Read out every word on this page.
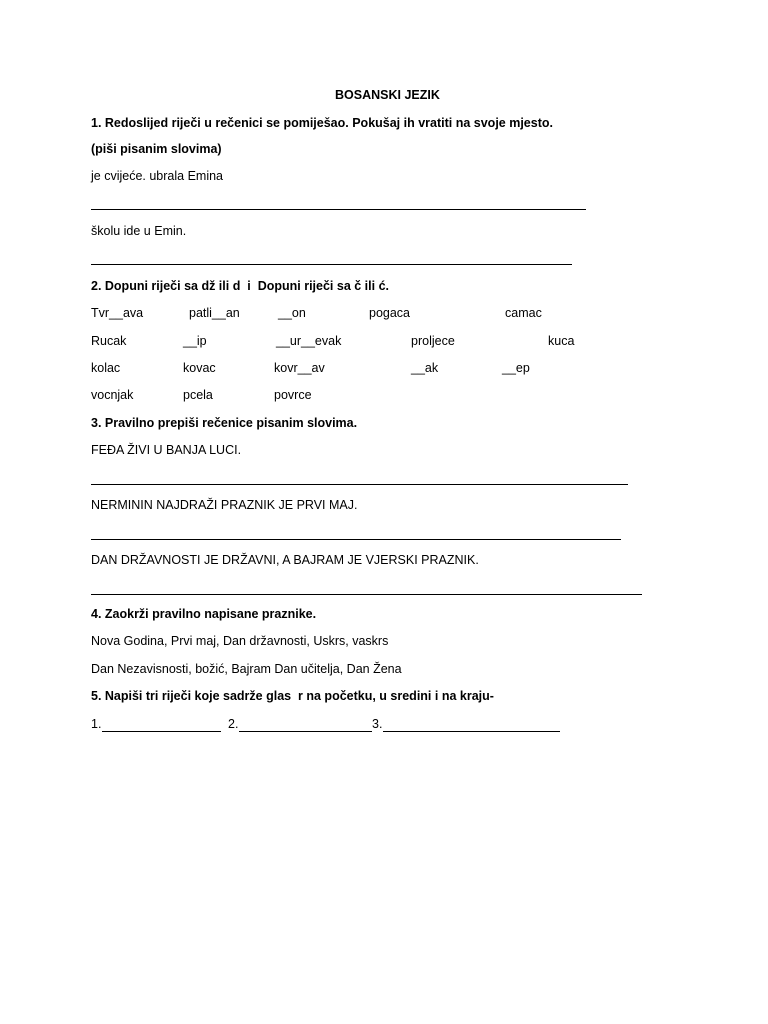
BOSANSKI JEZIK
1. Redoslijed riječi u rečenici se pomiješao. Pokušaj ih vratiti na svoje mjesto.
(piši pisanim slovima)
je cvijeće. ubrala Emina
školu ide u Emin.
2. Dopuni riječi sa dž ili d  i  Dopuni riječi sa č ili ć.
Tvr__ava	patli__an	__on	pogaca	camac
Rucak	__ip	__ur__evak	proljece	kuca
kolac	kovac	kovr__av	__ak	__ep
vocnjak	pcela	povrce
3. Pravilno prepiši rečenice pisanim slovima.
FEĐA ŽIVI U BANJA LUCI.
NERMININ NAJDRAŽI PRAZNIK JE PRVI MAJ.
DAN DRŽAVNOSTI JE DRŽAVNI, A BAJRAM JE VJERSKI PRAZNIK.
4. Zaokrži pravilno napisane praznike.
Nova Godina, Prvi maj, Dan državnosti, Uskrs, vaskrs
Dan Nezavisnosti, božić, Bajram Dan učitelja, Dan Žena
5. Napiši tri riječi koje sadrže glas  r na početku, u sredini i na kraju-
1.	2.	3.
